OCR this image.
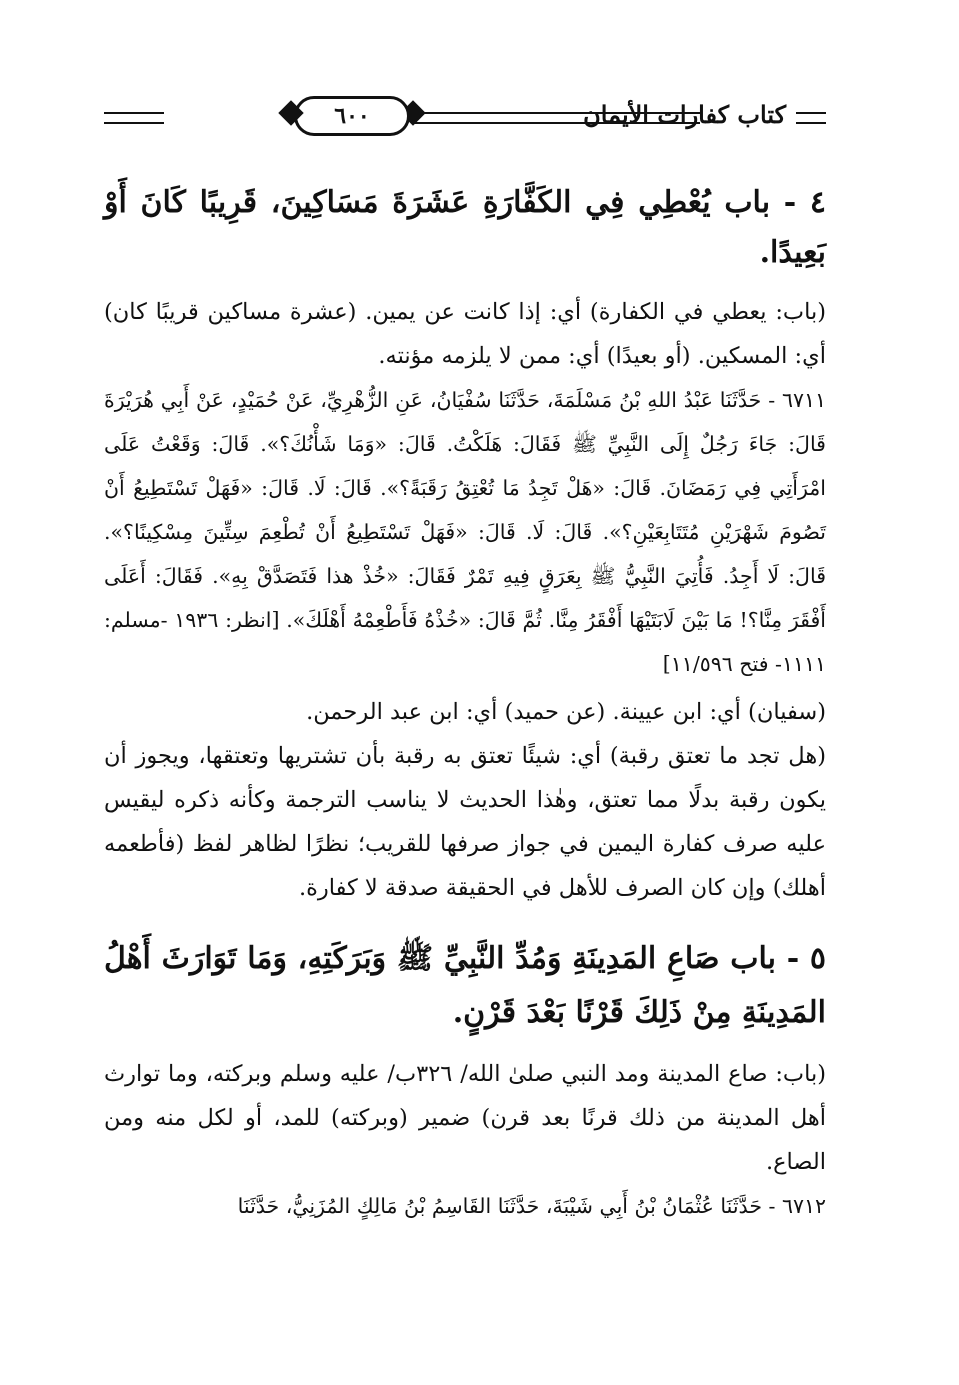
كتاب كفارات الأيمان
٦٠٠
٤ - باب يُعْطِي فِي الكَفَّارَةِ عَشَرَةَ مَسَاكِينَ، قَرِيبًا كَانَ أَوْ بَعِيدًا.

(باب: يعطي في الكفارة) أي: إذا كانت عن يمين. (عشرة مساكين قريبًا كان) أي: المسكين. (أو بعيدًا) أي: ممن لا يلزمه مؤنته.

٦٧١١ - حَدَّثَنَا عَبْدُ اللهِ بْنُ مَسْلَمَةَ، حَدَّثَنَا سُفْيَانُ، عَنِ الزُّهْرِيِّ، عَنْ حُمَيْدٍ، عَنْ أَبِي هُرَيْرَةَ قَالَ: جَاءَ رَجُلٌ إِلَى النَّبِيِّ ﷺ فَقَالَ: هَلَكْتُ. قَالَ: «وَمَا شَأْنُكَ؟». قَالَ: وَقَعْتُ عَلَى امْرَأَتِي فِي رَمَضَانَ. قَالَ: «هَلْ تَجِدُ مَا تُعْتِقُ رَقَبَةً؟». قَالَ: لَا. قَالَ: «فَهَلْ تَسْتَطِيعُ أَنْ تَصُومَ شَهْرَيْنِ مُتَتَابِعَيْنِ؟». قَالَ: لَا. قَالَ: «فَهَلْ تَسْتَطِيعُ أَنْ تُطْعِمَ سِتِّينَ مِسْكِينًا؟». قَالَ: لَا أَجِدُ. فَأُتِيَ النَّبِيُّ ﷺ بِعَرَقٍ فِيهِ تَمْرٌ فَقَالَ: «خُذْ هذا فَتَصَدَّقْ بِهِ». فَقَالَ: أَعَلَى أَفْقَرَ مِنَّا؟! مَا بَيْنَ لَابَتَيْهَا أَفْقَرُ مِنَّا. ثُمَّ قَالَ: «خُذْهُ فَأَطْعِمْهُ أَهْلَكَ». [انظر: ١٩٣٦ -مسلم: ١١١١- فتح ١١/٥٩٦]

(سفيان) أي: ابن عيينة. (عن حميد) أي: ابن عبد الرحمن.

(هل تجد ما تعتق رقبة) أي: شيئًا تعتق به رقبة بأن تشتريها وتعتقها، ويجوز أن يكون رقبة بدلًا مما تعتق، وهٰذا الحديث لا يناسب الترجمة وكأنه ذكره ليقيس عليه صرف كفارة اليمين في جواز صرفها للقريب؛ نظرًا لظاهر لفظ (فأطعمه أهلك) وإن كان الصرف للأهل في الحقيقة صدقة لا كفارة.

٥ - باب صَاعِ المَدِينَةِ وَمُدِّ النَّبِيِّ ﷺ وَبَرَكَتِهِ، وَمَا تَوَارَثَ أَهْلُ المَدِينَةِ مِنْ ذَلِكَ قَرْنًا بَعْدَ قَرْنٍ.

(باب: صاع المدينة ومد النبي صلىٰ الله/ ٣٢٦ب/ عليه وسلم وبركته، وما توارث أهل المدينة من ذلك قرنًا بعد قرن) ضمير (وبركته) للمد، أو لكل منه ومن الصاع.

٦٧١٢ - حَدَّثَنَا عُثْمَانُ بْنُ أَبِي شَيْبَةَ، حَدَّثَنَا القَاسِمُ بْنُ مَالِكٍ المُزَنِيُّ، حَدَّثَنَا
